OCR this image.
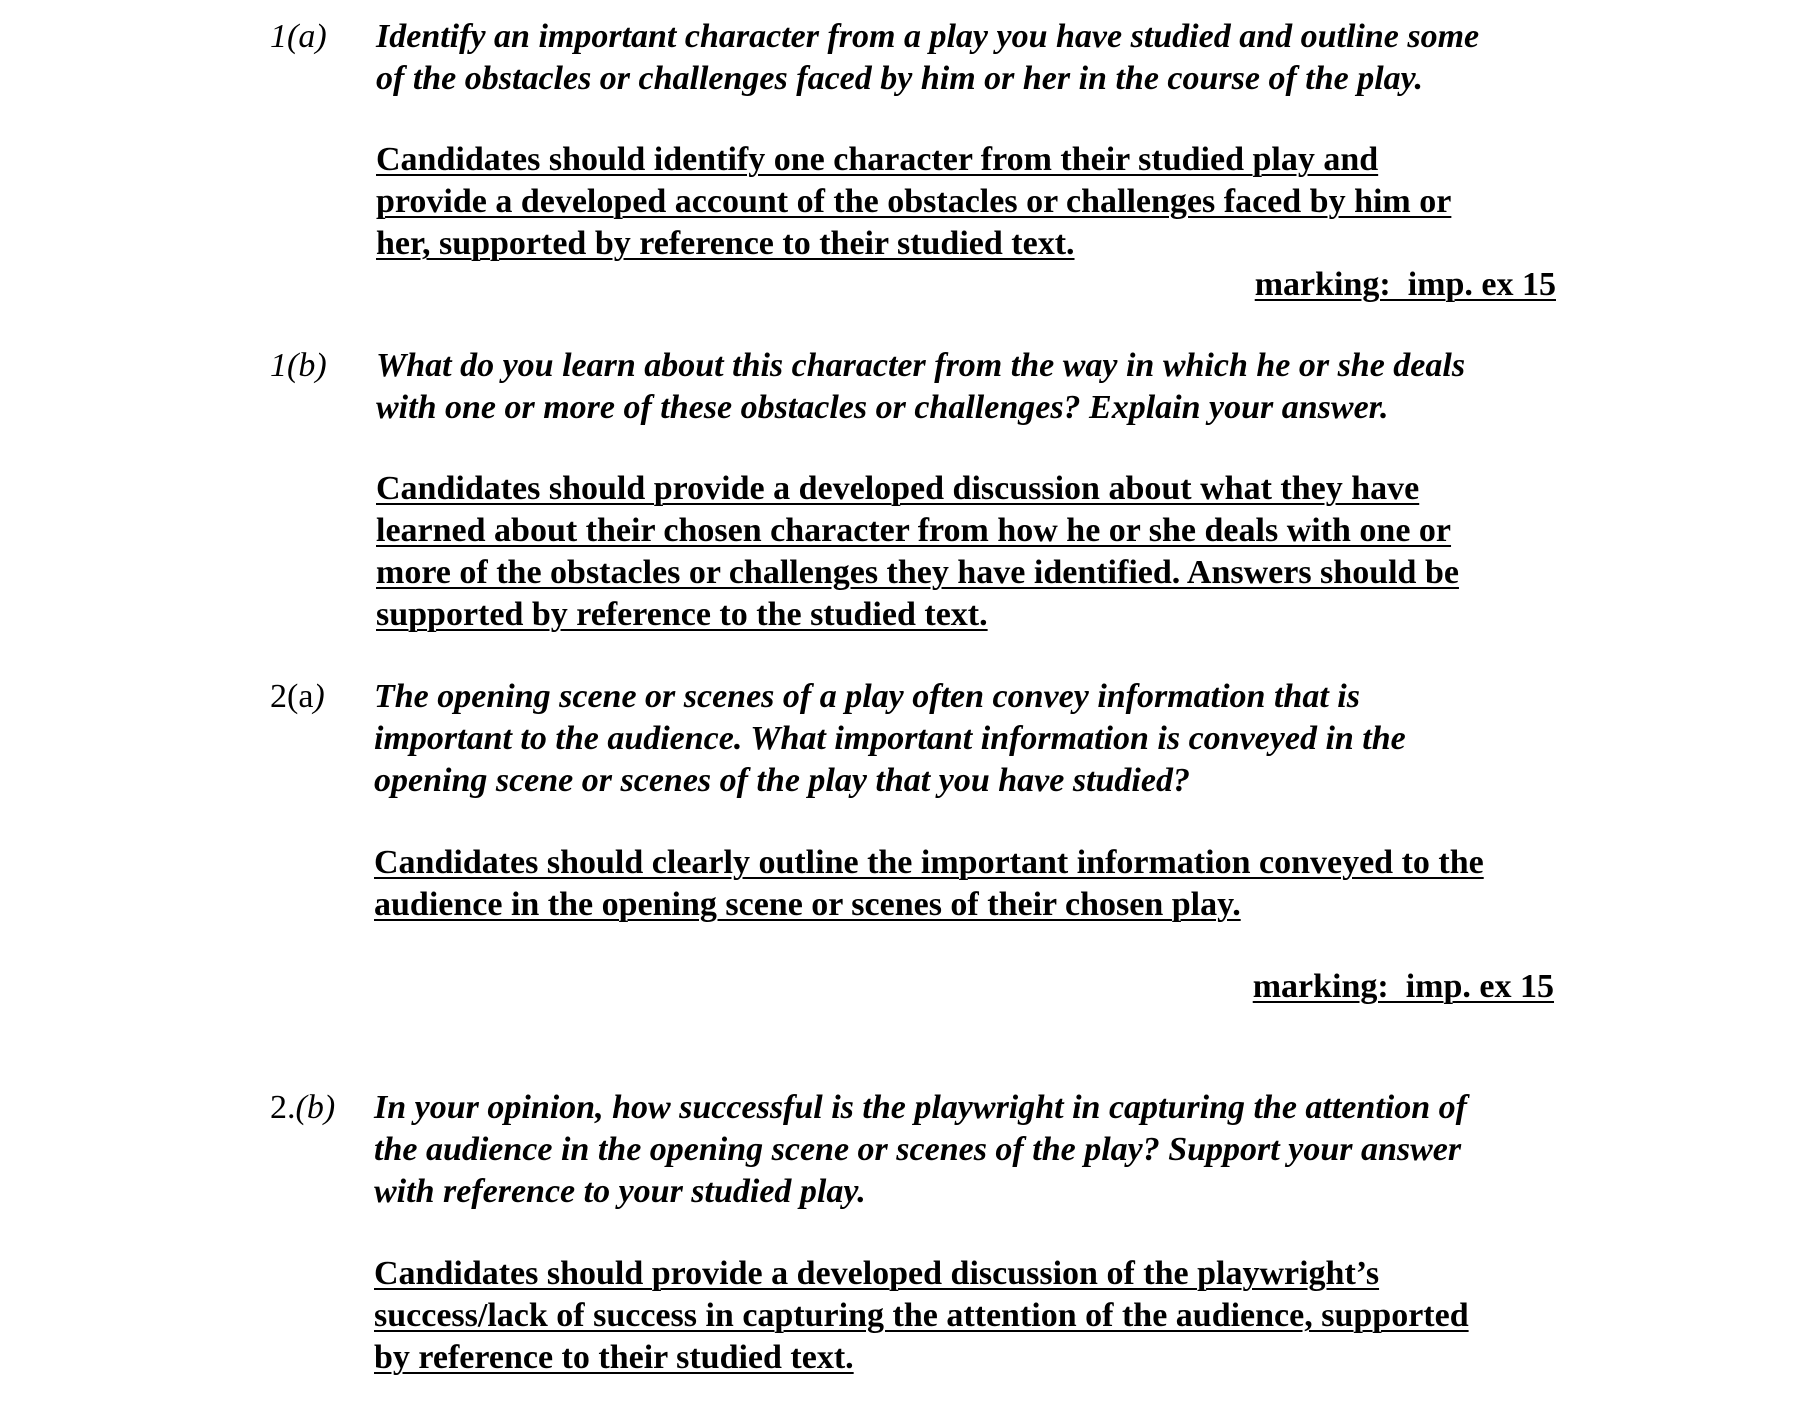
1(a) Identify an important character from a play you have studied and outline some

of the obstacles or challenges faced by him or her in the course of the play.

Candidates should identify one character from their studied play and

provide a developed account of the obstacles or challenges faced by him or

her, supported by reference to their studied text.

marking:  imp. ex 15
1(b) What do you learn about this character from the way in which he or she deals

with one or more of these obstacles or challenges? Explain your answer.

Candidates should provide a developed discussion about what they have

learned about their chosen character from how he or she deals with one or

more of the obstacles or challenges they have identified. Answers should be

supported by reference to the studied text.

2(a) The opening scene or scenes of a play often convey information that is

important to the audience. What important information is conveyed in the

opening scene or scenes of the play that you have studied?

Candidates should clearly outline the important information conveyed to the

audience in the opening scene or scenes of their chosen play.

marking:  imp. ex 15
2.(b) In your opinion, how successful is the playwright in capturing the attention of

the audience in the opening scene or scenes of the play? Support your answer

with reference to your studied play.

Candidates should provide a developed discussion of the playwright’s

success/lack of success in capturing the attention of the audience, supported

by reference to their studied text.
